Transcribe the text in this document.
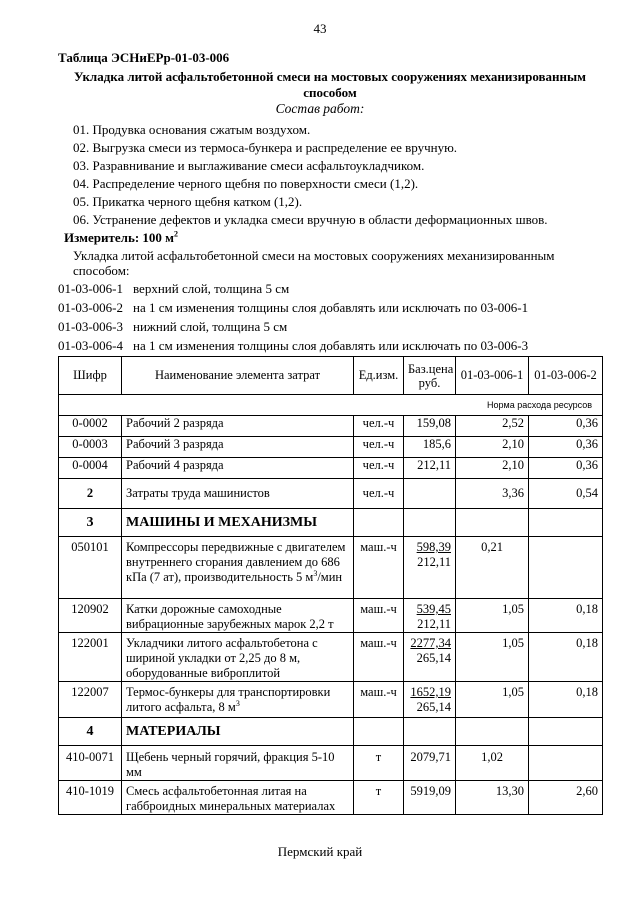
43
Таблица ЭСНиЕРр-01-03-006
Укладка литой асфальтобетонной смеси на мостовых сооружениях механизированным способом
Состав работ:
01. Продувка основания сжатым воздухом.
02. Выгрузка смеси из термоса-бункера и распределение ее вручную.
03. Разравнивание и выглаживание смеси асфальтоукладчиком.
04. Распределение черного щебня по поверхности смеси (1,2).
05. Прикатка черного щебня катком (1,2).
06. Устранение дефектов и укладка смеси вручную в области деформационных швов.
Измеритель: 100 $м^2$
Укладка литой асфальтобетонной смеси на мостовых сооружениях механизированным способом:
01-03-006-1 верхний слой, толщина 5 см
01-03-006-2 на 1 см изменения толщины слоя добавлять или исключать по 03-006-1
01-03-006-3 нижний слой, толщина 5 см
01-03-006-4 на 1 см изменения толщины слоя добавлять или исключать по 03-006-3
Шифр	Наименование элемента затрат	Ед.изм.	Баз.цена руб.	01-03-006-1	01-03-006-2
Норма расхода ресурсов					
0-0002	Рабочий 2 разряда	чел.-ч	159,08	2,52	0,36
0-0003	Рабочий 3 разряда	чел.-ч	185,6	2,10	0,36
0-0004	Рабочий 4 разряда	чел.-ч	212,11	2,10	0,36
2	Затраты труда машинистов	чел.-ч		3,36	0,54
3	МАШИНЫ И МЕХАНИЗМЫ				
050101	Компрессоры передвижные с двигателем внутреннего сгорания давлением до 686 кПа (7 ат), производительность 5 $м^3$/мин	маш.-ч	$\frac{598,39}{212,11}$	0,21	
120902	Катки дорожные самоходные вибрационные зарубежных марок 2,2 т	маш.-ч	$\frac{539,45}{212,11}$	1,05	0,18
122001	Укладчики литого асфальтобетона с шириной укладки от 2,25 до 8 м, оборудованные виброплитой	маш.-ч	$\frac{2277,34}{265,14}$	1,05	0,18
122007	Термос-бункеры для транспортировки литого асфальта, 8 $м^3$	маш.-ч	$\frac{1652,19}{265,14}$	1,05	0,18
4	МАТЕРИАЛЫ				
410-0071	Щебень черный горячий, фракция 5-10 мм	т	2079,71	1,02	
410-1019	Смесь асфальтобетонная литая на габброидных минеральных материалах	т	5919,09	13,30	2,60
Пермский край
